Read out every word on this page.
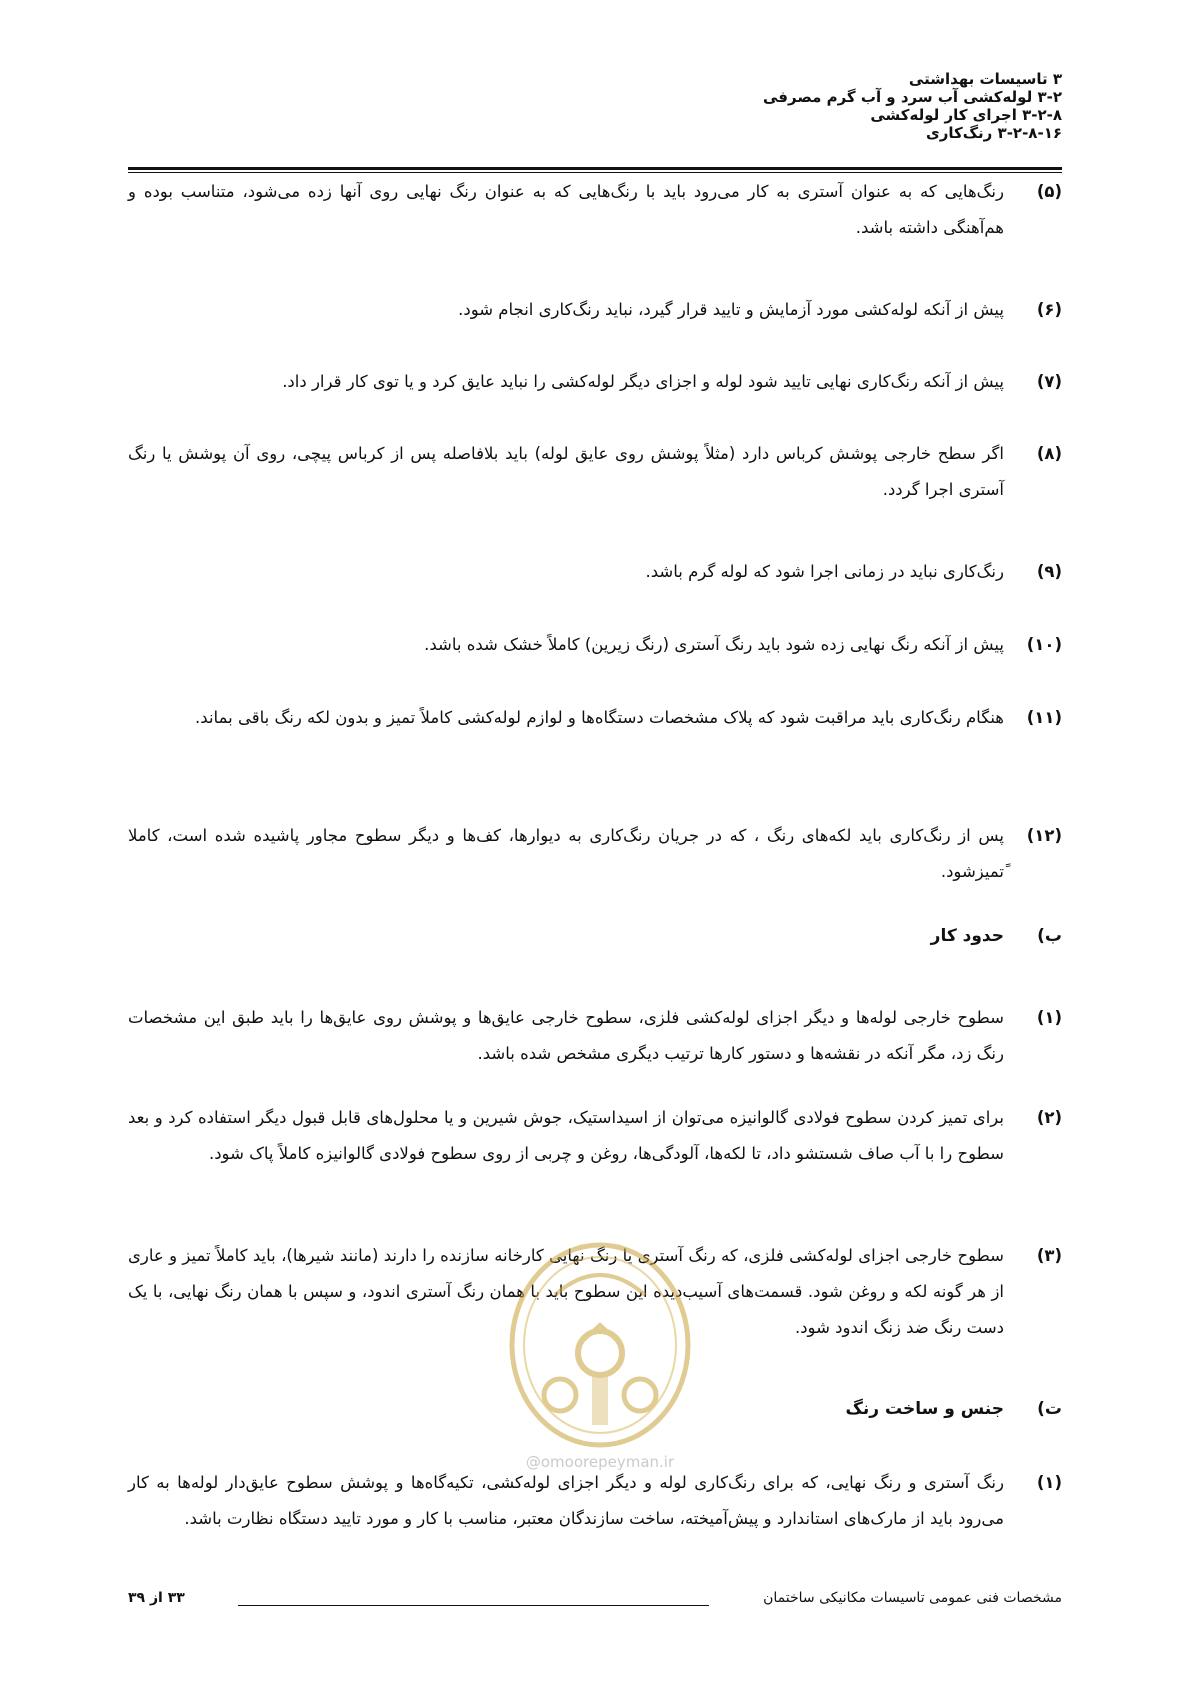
۳ تاسیسات بهداشتی
۳-۲ لوله‌کشی آب سرد و آب گرم مصرفی
۳-۲-۸ اجرای کار لوله‌کشی
۳-۲-۸-۱۶ رنگ‌کاری
(۵)
رنگ‌هایی که به عنوان آستری به کار می‌رود باید با رنگ‌هایی که به عنوان رنگ نهایی روی آنها زده می‌شود، متناسب بوده و هم‌آهنگی داشته باشد.
(۶)
پیش از آنکه لوله‌کشی مورد آزمایش و تایید قرار گیرد، نباید رنگ‌کاری انجام شود.
(۷)
پیش از آنکه رنگ‌کاری نهایی تایید شود لوله و اجزای دیگر لوله‌کشی را نباید عایق کرد و یا توی کار قرار داد.
(۸)
اگر سطح خارجی پوشش کرباس دارد (مثلاً پوشش روی عایق لوله) باید بلافاصله پس از کرباس پیچی، روی آن پوشش یا رنگ آستری اجرا گردد.
(۹)
رنگ‌کاری نباید در زمانی اجرا شود که لوله گرم باشد.
(۱۰)
پیش از آنکه رنگ نهایی زده شود باید رنگ آستری (رنگ زیرین) کاملاً خشک شده باشد.
(۱۱)
هنگام رنگ‌کاری باید مراقبت شود که پلاک مشخصات دستگاه‌ها و لوازم لوله‌کشی کاملاً تمیز و بدون لکه رنگ باقی بماند.
(۱۲)
پس از رنگ‌کاری باید لکه‌های رنگ ، که در جریان رنگ‌کاری به دیوارها، کف‌ها و دیگر سطوح مجاور پاشیده شده است، کاملا ًتمیزشود.
ب)
حدود کار
(۱)
سطوح خارجی لوله‌ها و دیگر اجزای لوله‌کشی فلزی، سطوح خارجی عایق‌ها و پوشش روی عایق‌ها را باید طبق این مشخصات رنگ زد، مگر آنکه در نقشه‌ها و دستور کارها ترتیب دیگری مشخص شده باشد.
(۲)
برای تمیز کردن سطوح فولادی گالوانیزه می‌توان از اسیداستیک، جوش شیرین و یا محلول‌های قابل قبول دیگر استفاده کرد و بعد سطوح را با آب صاف شستشو داد، تا لکه‌ها، آلودگی‌ها، روغن و چربی از روی سطوح فولادی گالوانیزه کاملاً پاک شود.
(۳)
سطوح خارجی اجزای لوله‌کشی فلزی، که رنگ آستری یا رنگ نهایی کارخانه سازنده را دارند (مانند شیرها)، باید کاملاً تمیز و عاری از هر گونه لکه و روغن شود. قسمت‌های آسیب‌دیده این سطوح باید با همان رنگ آستری اندود، و سپس با همان رنگ نهایی، با یک دست رنگ ضد زنگ اندود شود.
ت)
جنس و ساخت رنگ
(۱)
رنگ آستری و رنگ نهایی، که برای رنگ‌کاری لوله و دیگر اجزای لوله‌کشی، تکیه‌گاه‌ها و پوشش سطوح عایق‌دار لوله‌ها به کار می‌رود باید از مارک‌های استاندارد و پیش‌آمیخته، ساخت سازندگان معتبر، مناسب با کار و مورد تایید دستگاه نظارت باشد.
@omoorepeyman.ir
مشخصات فنی عمومی تاسیسات مکانیکی ساختمان
۳۳ از ۳۹
